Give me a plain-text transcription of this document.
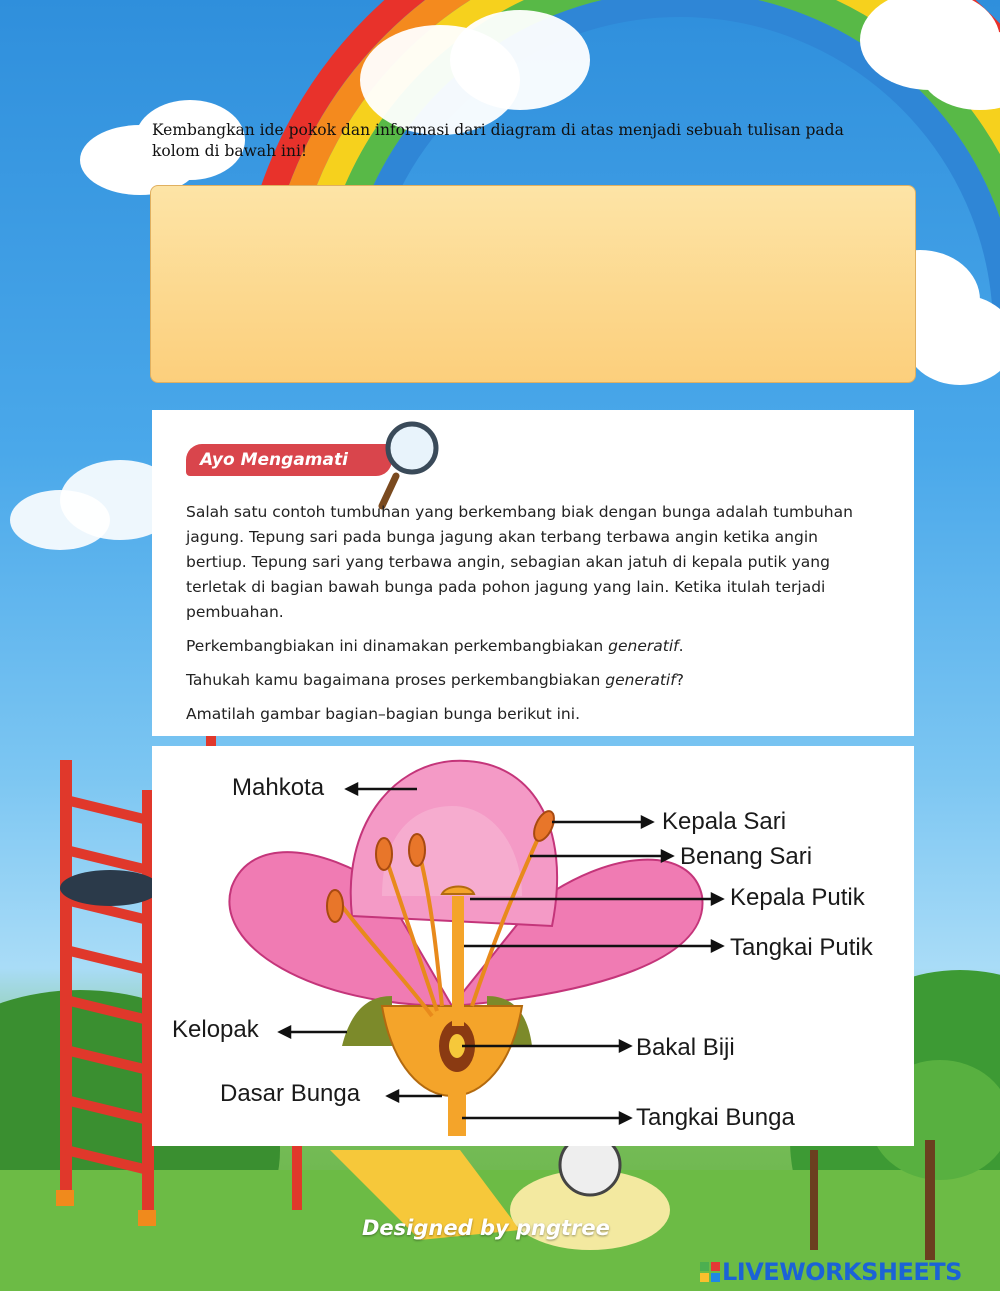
Kembangkan ide pokok dan informasi dari diagram di atas menjadi sebuah tulisan pada kolom di bawah ini!
Ayo Mengamati

Salah satu contoh tumbuhan yang berkembang biak dengan bunga adalah tumbuhan jagung. Tepung sari pada bunga jagung akan terbang terbawa angin ketika angin bertiup. Tepung sari yang terbawa angin, sebagian akan jatuh di kepala putik yang terletak di bagian bawah bunga pada pohon jagung yang lain. Ketika itulah terjadi pembuahan.

Perkembangbiakan ini dinamakan perkembangbiakan generatif.

Tahukah kamu bagaimana proses perkembangbiakan generatif?

Amatilah gambar bagian–bagian bunga berikut ini.

Mahkota
Kepala Sari
Benang Sari
Kepala Putik
Tangkai Putik
Kelopak
Bakal Biji
Dasar Bunga
Tangkai Bunga
Designed by pngtree
LIVEWORKSHEETS
